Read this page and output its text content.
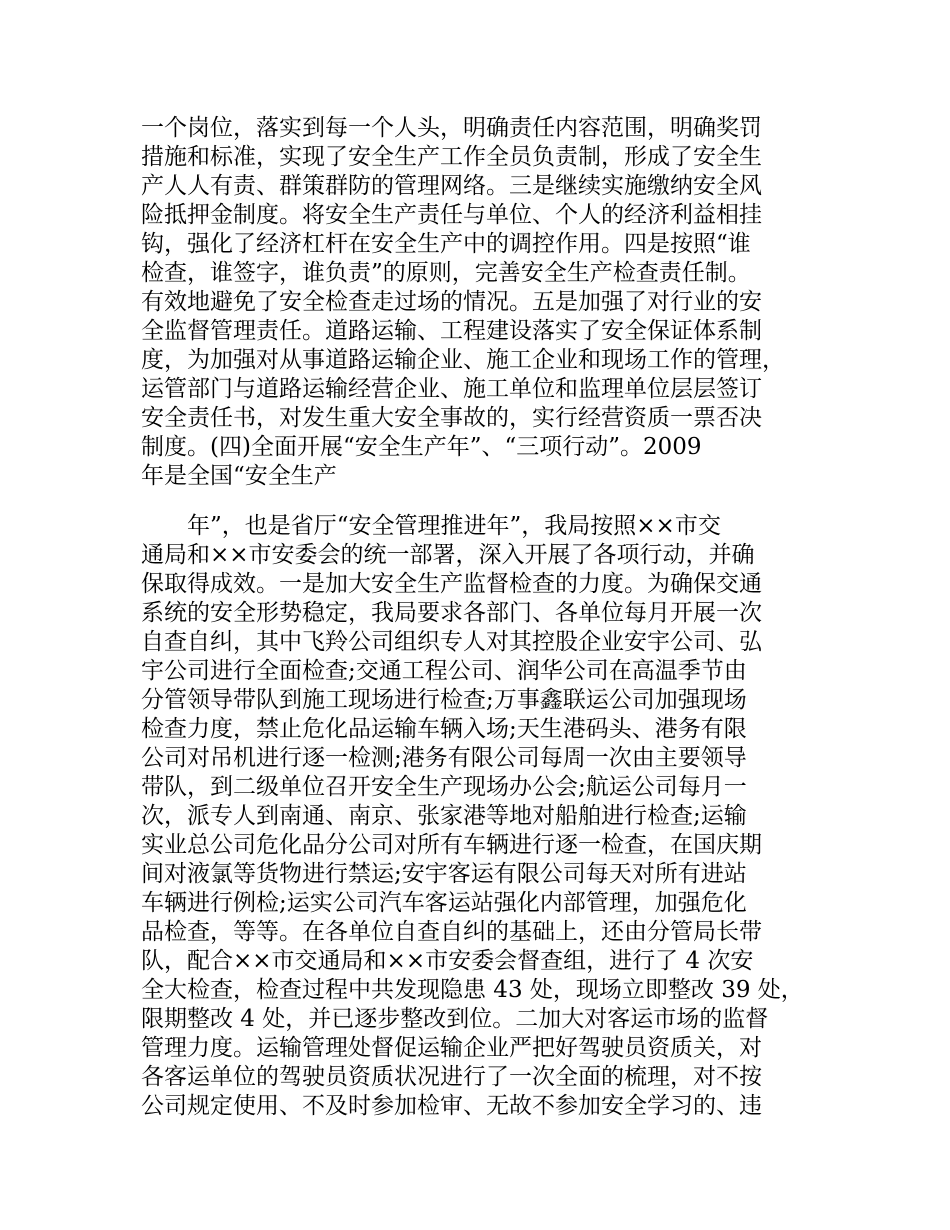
一个岗位，落实到每一个人头，明确责任内容范围，明确奖罚
措施和标准，实现了安全生产工作全员负责制，形成了安全生
产人人有责、群策群防的管理网络。三是继续实施缴纳安全风
险抵押金制度。将安全生产责任与单位、个人的经济利益相挂
钩，强化了经济杠杆在安全生产中的调控作用。四是按照“谁
检查，谁签字，谁负责”的原则，完善安全生产检查责任制。
有效地避免了安全检查走过场的情况。五是加强了对行业的安
全监督管理责任。道路运输、工程建设落实了安全保证体系制
度，为加强对从事道路运输企业、施工企业和现场工作的管理，
运管部门与道路运输经营企业、施工单位和监理单位层层签订
安全责任书，对发生重大安全事故的，实行经营资质一票否决
制度。(四)全面开展“安全生产年”、“三项行动”。2009
年是全国“安全生产
　　年”，也是省厅“安全管理推进年”，我局按照××市交
通局和××市安委会的统一部署，深入开展了各项行动，并确
保取得成效。一是加大安全生产监督检查的力度。为确保交通
系统的安全形势稳定，我局要求各部门、各单位每月开展一次
自查自纠，其中飞羚公司组织专人对其控股企业安宇公司、弘
宇公司进行全面检查;交通工程公司、润华公司在高温季节由
分管领导带队到施工现场进行检查;万事鑫联运公司加强现场
检查力度，禁止危化品运输车辆入场;天生港码头、港务有限
公司对吊机进行逐一检测;港务有限公司每周一次由主要领导
带队，到二级单位召开安全生产现场办公会;航运公司每月一
次，派专人到南通、南京、张家港等地对船舶进行检查;运输
实业总公司危化品分公司对所有车辆进行逐一检查，在国庆期
间对液氯等货物进行禁运;安宇客运有限公司每天对所有进站
车辆进行例检;运实公司汽车客运站强化内部管理，加强危化
品检查，等等。在各单位自查自纠的基础上，还由分管局长带
队，配合××市交通局和××市安委会督查组，进行了 4 次安
全大检查，检查过程中共发现隐患 43 处，现场立即整改 39 处，
限期整改 4 处，并已逐步整改到位。二加大对客运市场的监督
管理力度。运输管理处督促运输企业严把好驾驶员资质关，对
各客运单位的驾驶员资质状况进行了一次全面的梳理，对不按
公司规定使用、不及时参加检审、无故不参加安全学习的、违
